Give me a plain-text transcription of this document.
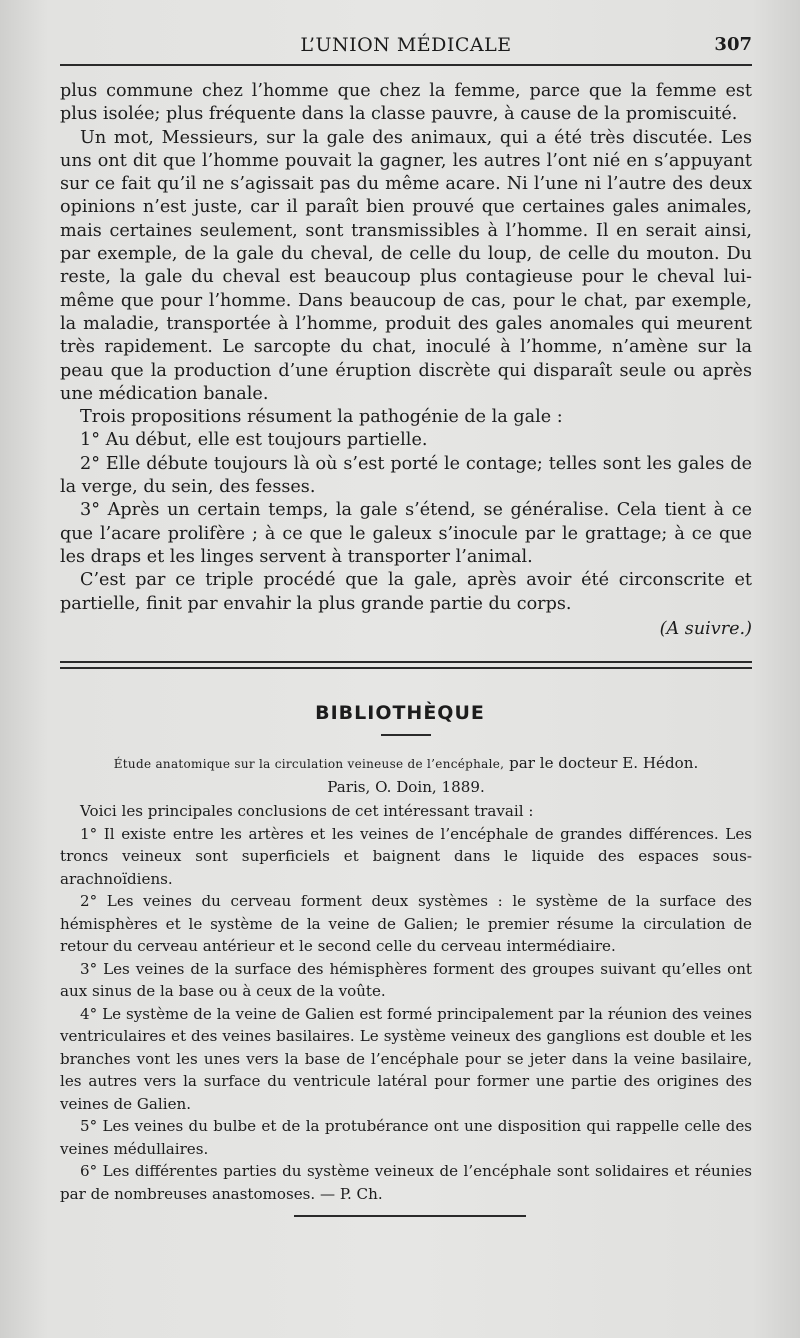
L’UNION MÉDICALE	307

plus commune chez l’homme que chez la femme, parce que la femme est plus isolée; plus fréquente dans la classe pauvre, à cause de la promiscuité.

Un mot, Messieurs, sur la gale des animaux, qui a été très discutée. Les uns ont dit que l’homme pouvait la gagner, les autres l’ont nié en s’appuyant sur ce fait qu’il ne s’agissait pas du même acare. Ni l’une ni l’autre des deux opinions n’est juste, car il paraît bien prouvé que certaines gales animales, mais certaines seulement, sont transmissibles à l’homme. Il en serait ainsi, par exemple, de la gale du cheval, de celle du loup, de celle du mouton. Du reste, la gale du cheval est beaucoup plus contagieuse pour le cheval lui-même que pour l’homme. Dans beaucoup de cas, pour le chat, par exemple, la maladie, transportée à l’homme, produit des gales anomales qui meurent très rapidement. Le sarcopte du chat, inoculé à l’homme, n’amène sur la peau que la production d’une éruption discrète qui disparaît seule ou après une médication banale.

Trois propositions résument la pathogénie de la gale :

1° Au début, elle est toujours partielle.

2° Elle débute toujours là où s’est porté le contage; telles sont les gales de la verge, du sein, des fesses.

3° Après un certain temps, la gale s’étend, se généralise. Cela tient à ce que l’acare prolifère ; à ce que le galeux s’inocule par le grattage; à ce que les draps et les linges servent à transporter l’animal.

C’est par ce triple procédé que la gale, après avoir été circonscrite et partielle, finit par envahir la plus grande partie du corps.

(A suivre.)

BIBLIOTHÈQUE

Étude anatomique sur la circulation veineuse de l’encéphale, par le docteur E. Hédon.

Paris, O. Doin, 1889.

Voici les principales conclusions de cet intéressant travail :

1° Il existe entre les artères et les veines de l’encéphale de grandes différences. Les troncs veineux sont superficiels et baignent dans le liquide des espaces sous-arachnoïdiens.

2° Les veines du cerveau forment deux systèmes : le système de la surface des hémisphères et le système de la veine de Galien; le premier résume la circulation de retour du cerveau antérieur et le second celle du cerveau intermédiaire.

3° Les veines de la surface des hémisphères forment des groupes suivant qu’elles ont aux sinus de la base ou à ceux de la voûte.

4° Le système de la veine de Galien est formé principalement par la réunion des veines ventriculaires et des veines basilaires. Le système veineux des ganglions est double et les branches vont les unes vers la base de l’encéphale pour se jeter dans la veine basilaire, les autres vers la surface du ventricule latéral pour former une partie des origines des veines de Galien.

5° Les veines du bulbe et de la protubérance ont une disposition qui rappelle celle des veines médullaires.

6° Les différentes parties du système veineux de l’encéphale sont solidaires et réunies par de nombreuses anastomoses. — P. Ch.
